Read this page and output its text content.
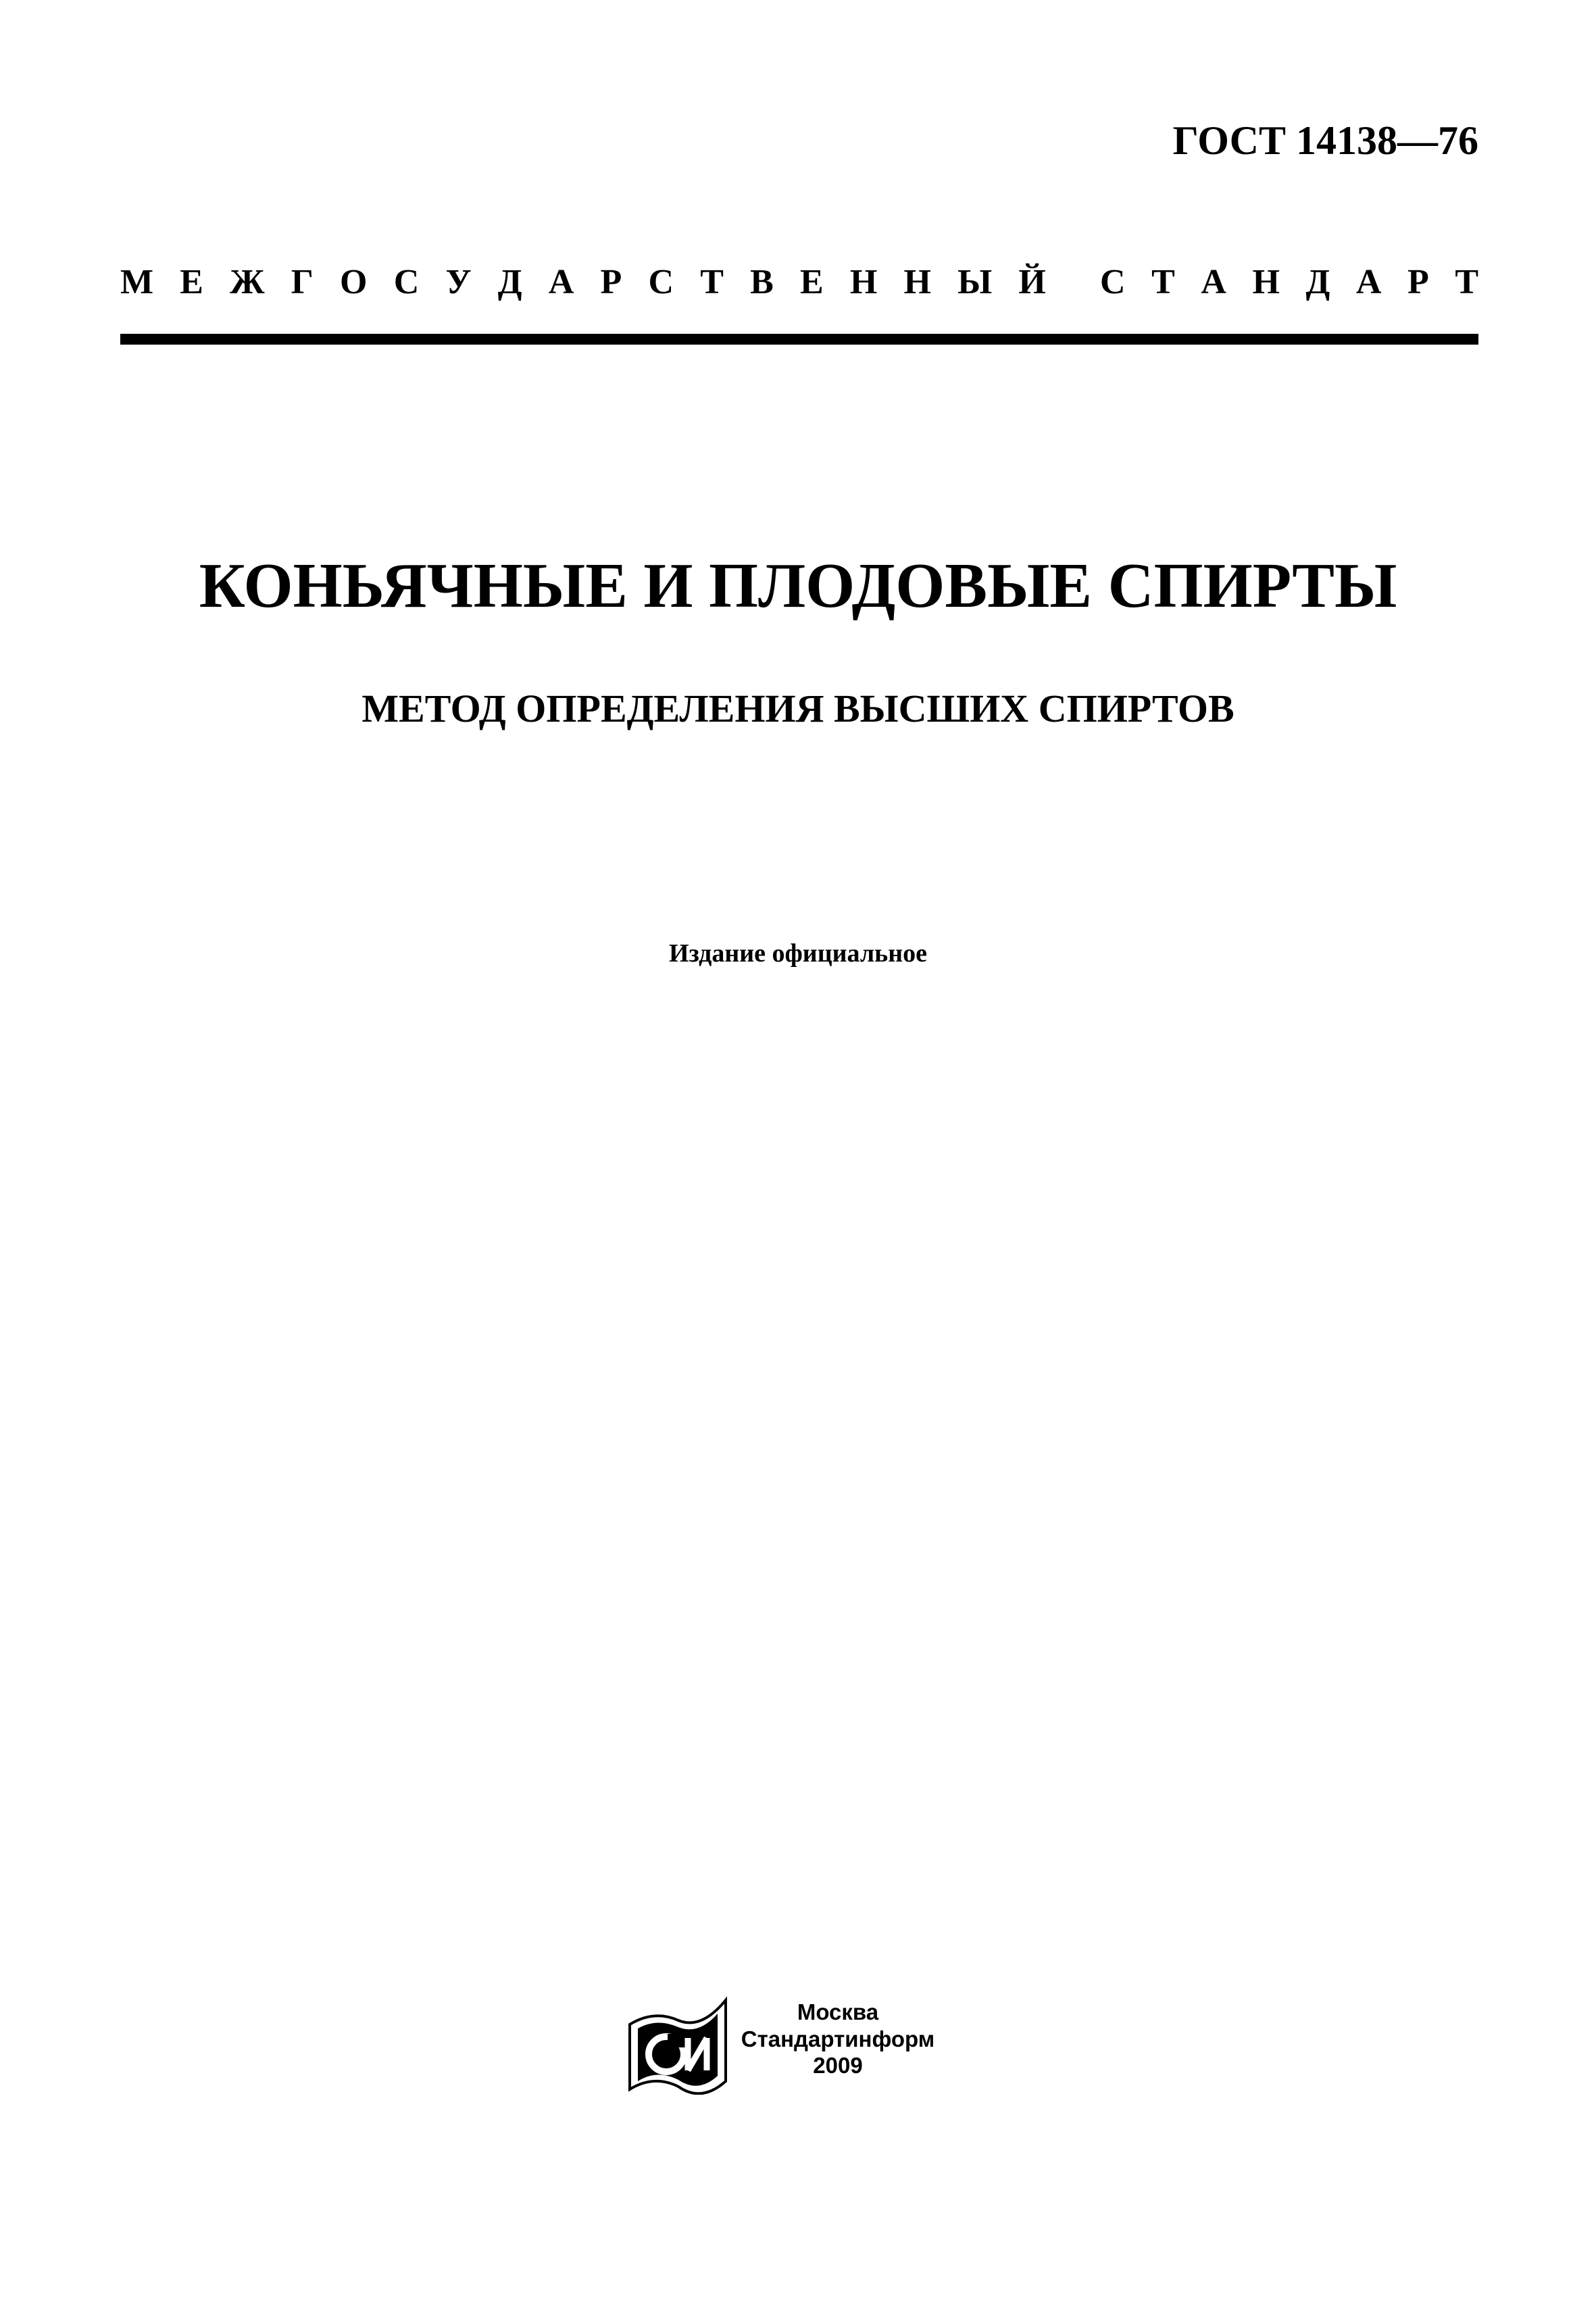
ГОСТ 14138—76
М Е Ж Г О С У Д А Р С Т В Е Н Н Ы Й С Т А Н Д А Р Т
КОНЬЯЧНЫЕ И ПЛОДОВЫЕ СПИРТЫ
МЕТОД ОПРЕДЕЛЕНИЯ ВЫСШИХ СПИРТОВ
Издание официальное
Москва
Стандартинформ
2009
